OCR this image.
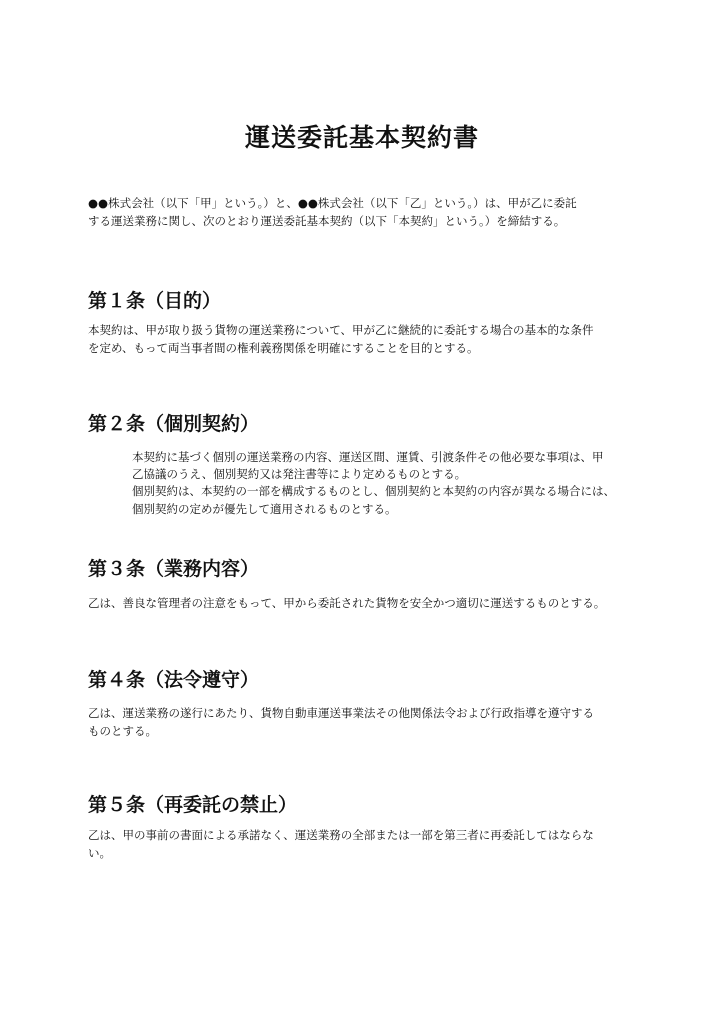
運送委託基本契約書
●●株式会社（以下「甲」という。）と、●●株式会社（以下「乙」という。）は、甲が乙に委託
する運送業務に関し、次のとおり運送委託基本契約（以下「本契約」という。）を締結する。
第１条（目的）
本契約は、甲が取り扱う貨物の運送業務について、甲が乙に継続的に委託する場合の基本的な条件
を定め、もって両当事者間の権利義務関係を明確にすることを目的とする。
第２条（個別契約）
本契約に基づく個別の運送業務の内容、運送区間、運賃、引渡条件その他必要な事項は、甲
乙協議のうえ、個別契約又は発注書等により定めるものとする。
個別契約は、本契約の一部を構成するものとし、個別契約と本契約の内容が異なる場合には、
個別契約の定めが優先して適用されるものとする。
第３条（業務内容）
乙は、善良な管理者の注意をもって、甲から委託された貨物を安全かつ適切に運送するものとする。
第４条（法令遵守）
乙は、運送業務の遂行にあたり、貨物自動車運送事業法その他関係法令および行政指導を遵守する
ものとする。
第５条（再委託の禁止）
乙は、甲の事前の書面による承諾なく、運送業務の全部または一部を第三者に再委託してはならな
い。
